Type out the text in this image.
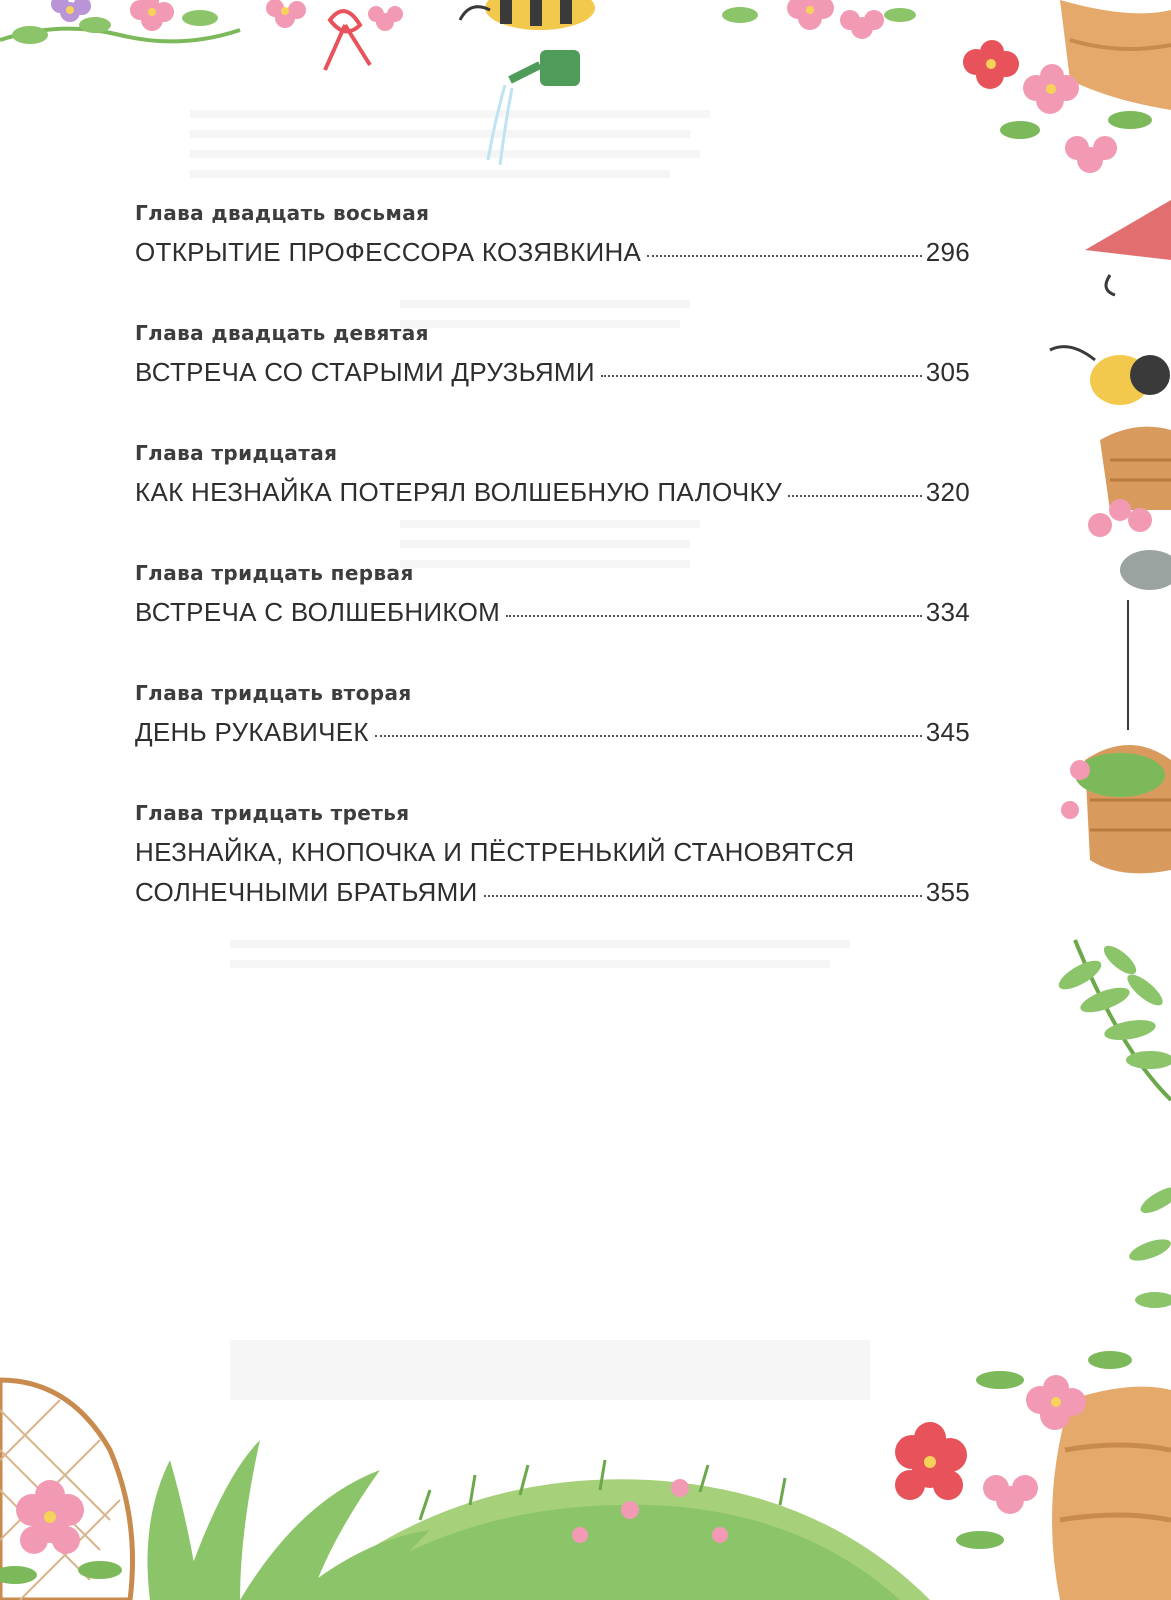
Глава двадцать восьмая
ОТКРЫТИЕ ПРОФЕССОРА КОЗЯВКИНА	296
Глава двадцать девятая
ВСТРЕЧА СО СТАРЫМИ ДРУЗЬЯМИ	305
Глава тридцатая
КАК НЕЗНАЙКА ПОТЕРЯЛ ВОЛШЕБНУЮ ПАЛОЧКУ	320
Глава тридцать первая
ВСТРЕЧА С ВОЛШЕБНИКОМ	334
Глава тридцать вторая
ДЕНЬ РУКАВИЧЕК	345
Глава тридцать третья
НЕЗНАЙКА, КНОПОЧКА И ПЁСТРЕНЬКИЙ СТАНОВЯТСЯ
СОЛНЕЧНЫМИ БРАТЬЯМИ	355
